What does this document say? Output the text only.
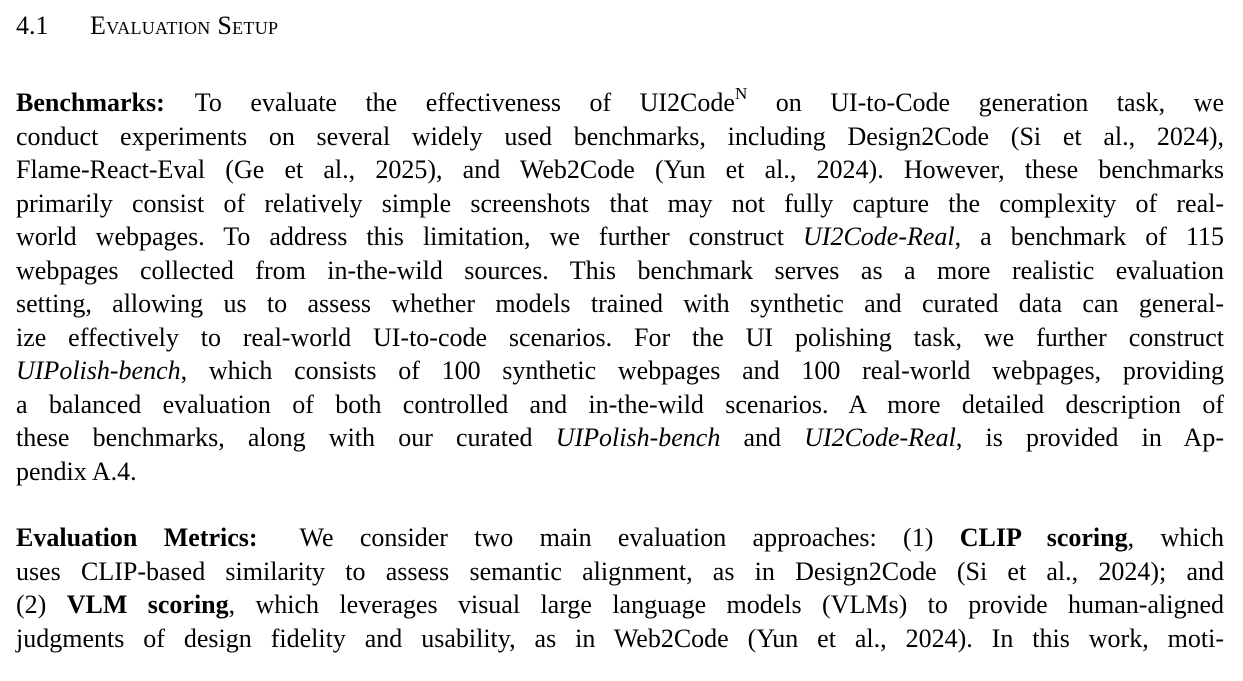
4.1 Evaluation Setup
Benchmarks: To evaluate the effectiveness of UI2Code$^N$ on UI-to-Code generation task, we
conduct experiments on several widely used benchmarks, including Design2Code (Si et al., 2024),
Flame-React-Eval (Ge et al., 2025), and Web2Code (Yun et al., 2024). However, these benchmarks
primarily consist of relatively simple screenshots that may not fully capture the complexity of real-
world webpages. To address this limitation, we further construct UI2Code-Real, a benchmark of 115
webpages collected from in-the-wild sources. This benchmark serves as a more realistic evaluation
setting, allowing us to assess whether models trained with synthetic and curated data can general-
ize effectively to real-world UI-to-code scenarios. For the UI polishing task, we further construct
UIPolish-bench, which consists of 100 synthetic webpages and 100 real-world webpages, providing
a balanced evaluation of both controlled and in-the-wild scenarios. A more detailed description of
these benchmarks, along with our curated UIPolish-bench and UI2Code-Real, is provided in Ap-
pendix A.4.
Evaluation Metrics: We consider two main evaluation approaches: (1) CLIP scoring, which
uses CLIP-based similarity to assess semantic alignment, as in Design2Code (Si et al., 2024); and
(2) VLM scoring, which leverages visual large language models (VLMs) to provide human-aligned
judgments of design fidelity and usability, as in Web2Code (Yun et al., 2024). In this work, moti-
